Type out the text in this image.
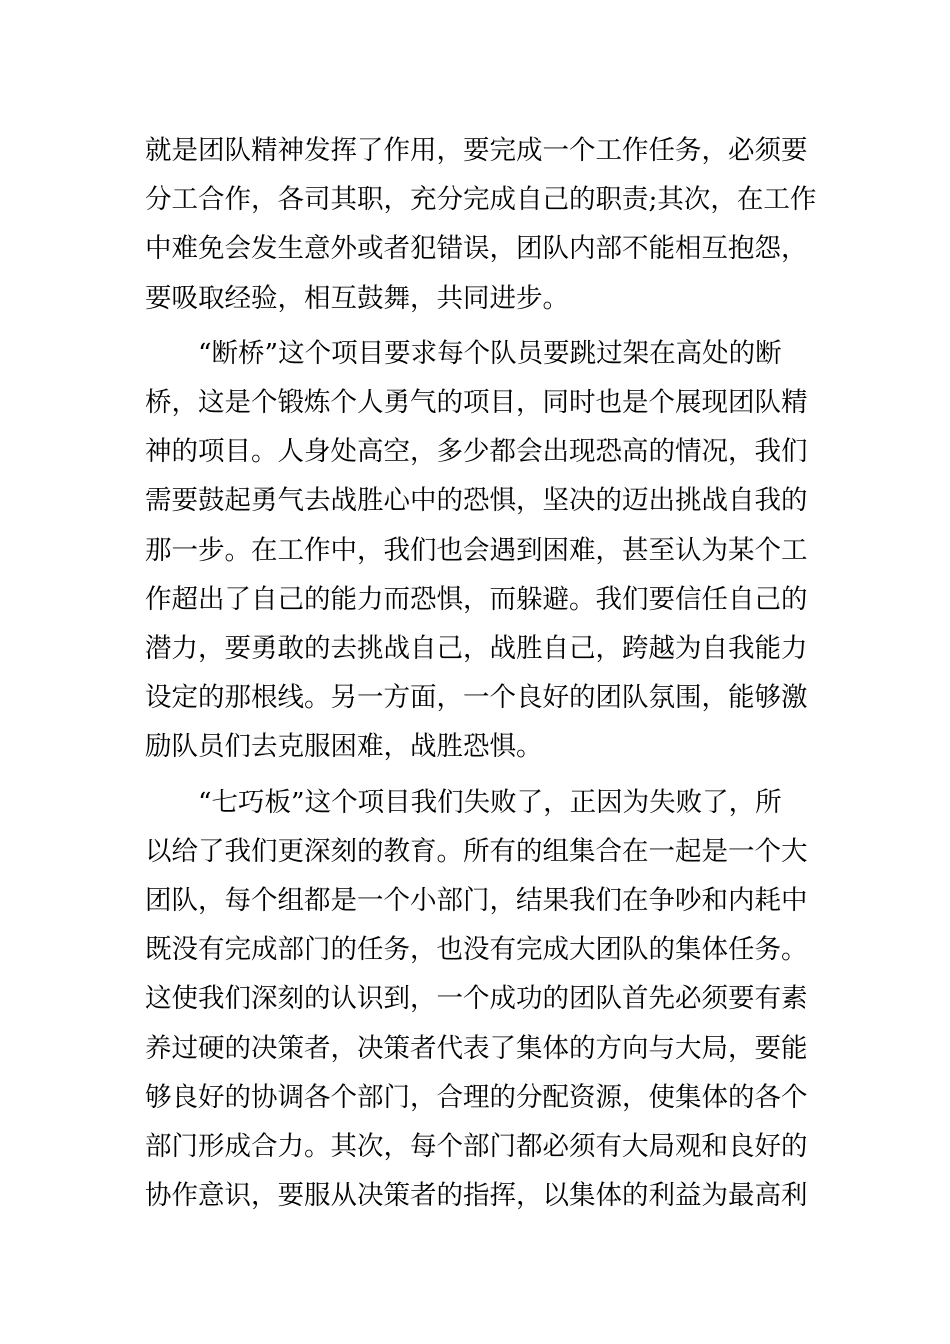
就是团队精神发挥了作用，要完成一个工作任务，必须要
分工合作，各司其职，充分完成自己的职责;其次，在工作
中难免会发生意外或者犯错误，团队内部不能相互抱怨，
要吸取经验，相互鼓舞，共同进步。

“断桥”这个项目要求每个队员要跳过架在高处的断
桥，这是个锻炼个人勇气的项目，同时也是个展现团队精
神的项目。人身处高空，多少都会出现恐高的情况，我们
需要鼓起勇气去战胜心中的恐惧，坚决的迈出挑战自我的
那一步。在工作中，我们也会遇到困难，甚至认为某个工
作超出了自己的能力而恐惧，而躲避。我们要信任自己的
潜力，要勇敢的去挑战自己，战胜自己，跨越为自我能力
设定的那根线。另一方面，一个良好的团队氛围，能够激
励队员们去克服困难，战胜恐惧。

“七巧板”这个项目我们失败了，正因为失败了，所
以给了我们更深刻的教育。所有的组集合在一起是一个大
团队，每个组都是一个小部门，结果我们在争吵和内耗中
既没有完成部门的任务，也没有完成大团队的集体任务。
这使我们深刻的认识到，一个成功的团队首先必须要有素
养过硬的决策者，决策者代表了集体的方向与大局，要能
够良好的协调各个部门，合理的分配资源，使集体的各个
部门形成合力。其次，每个部门都必须有大局观和良好的
协作意识，要服从决策者的指挥，以集体的利益为最高利
